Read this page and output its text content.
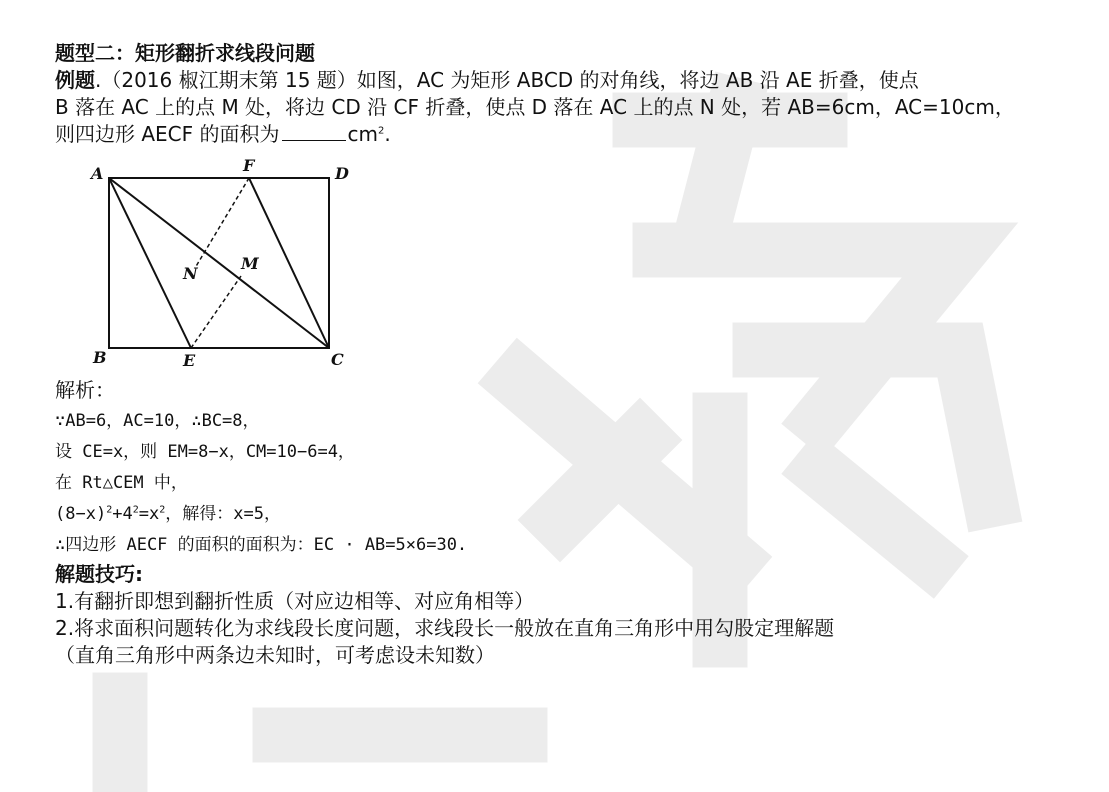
题型二：矩形翻折求线段问题
例题.（2016 椒江期末第 15 题）如图，AC 为矩形 ABCD 的对角线，将边 AB 沿 AE 折叠，使点
B 落在 AC 上的点 M 处，将边 CD 沿 CF 折叠，使点 D 落在 AC 上的点 N 处，若 AB=6cm，AC=10cm，
则四边形 AECF 的面积为	$cm^2$.
A	F	D
N
M
B	E	C
解析：
∵AB=6，AC=10，∴BC=8，
设 CE=x，则 EM=8−x，CM=10−6=4，
在 Rt△CEM 中，
$(8-x)^2+4^2=x^2$，解得：x=5，
∴四边形 AECF 的面积的面积为：EC · AB=5×6=30.
解题技巧:
1.有翻折即想到翻折性质（对应边相等、对应角相等）
2.将求面积问题转化为求线段长度问题，求线段长一般放在直角三角形中用勾股定理解题
（直角三角形中两条边未知时，可考虑设未知数）
